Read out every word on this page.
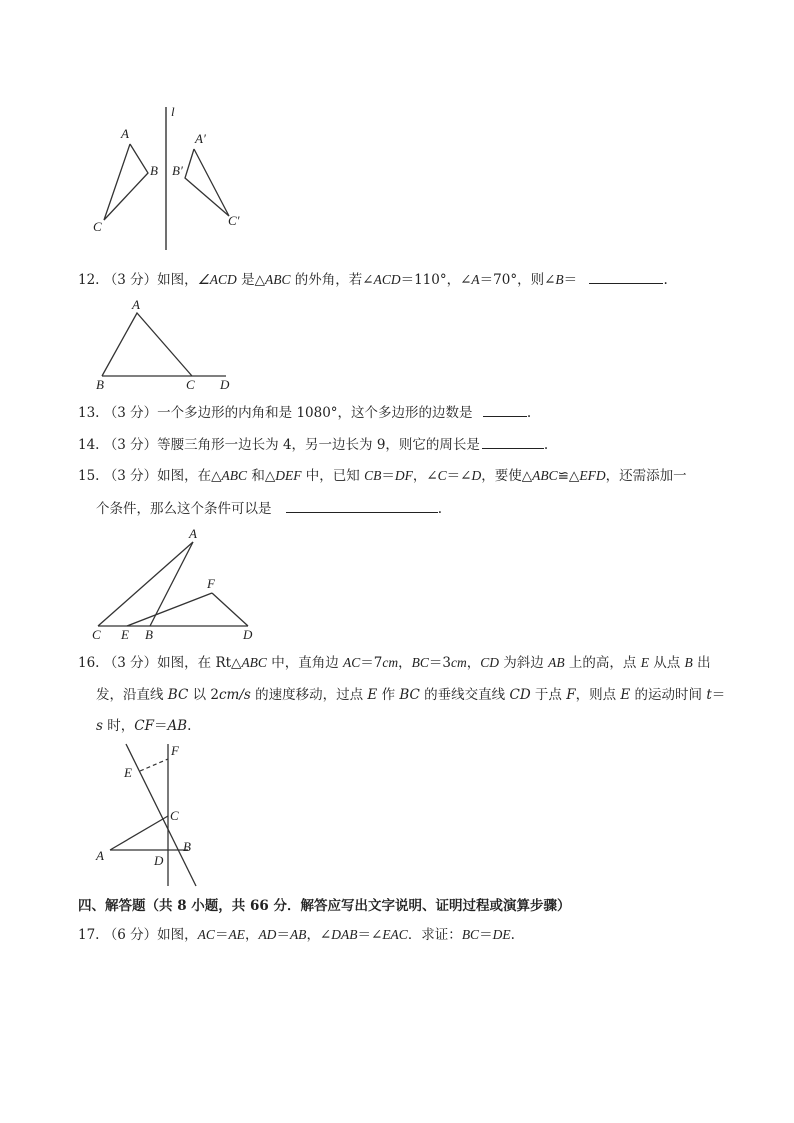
l
A
B
C
A′
B′
C′
12. （3 分）如图，∠ACD 是△ABC 的外角，若∠ACD＝110°，∠A＝70°，则∠B＝	.
A
B	C D
13. （3 分）一个多边形的内角和是 1080°，这个多边形的边数是	.
14. （3 分）等腰三角形一边长为 4，另一边长为 9，则它的周长是	.
15. （3 分）如图，在△ABC 和△DEF 中，已知 CB＝DF，∠C＝∠D，要使△ABC≌△EFD，还需添加一
个条件，那么这个条件可以是	.
A
F
C E B	D
16. （3 分）如图，在 Rt△ABC 中，直角边 AC＝7cm，BC＝3cm，CD 为斜边 AB 上的高，点 E 从点 B 出
发，沿直线 BC 以 2cm/s 的速度移动，过点 E 作 BC 的垂线交直线 CD 于点 F，则点 E 的运动时间 t＝
s 时，CF＝AB.
F
E
C
A	D
B
四、解答题（共 8 小题，共 66 分．解答应写出文字说明、证明过程或演算步骤）
17. （6 分）如图，AC＝AE，AD＝AB，∠DAB＝∠EAC．求证：BC＝DE.
